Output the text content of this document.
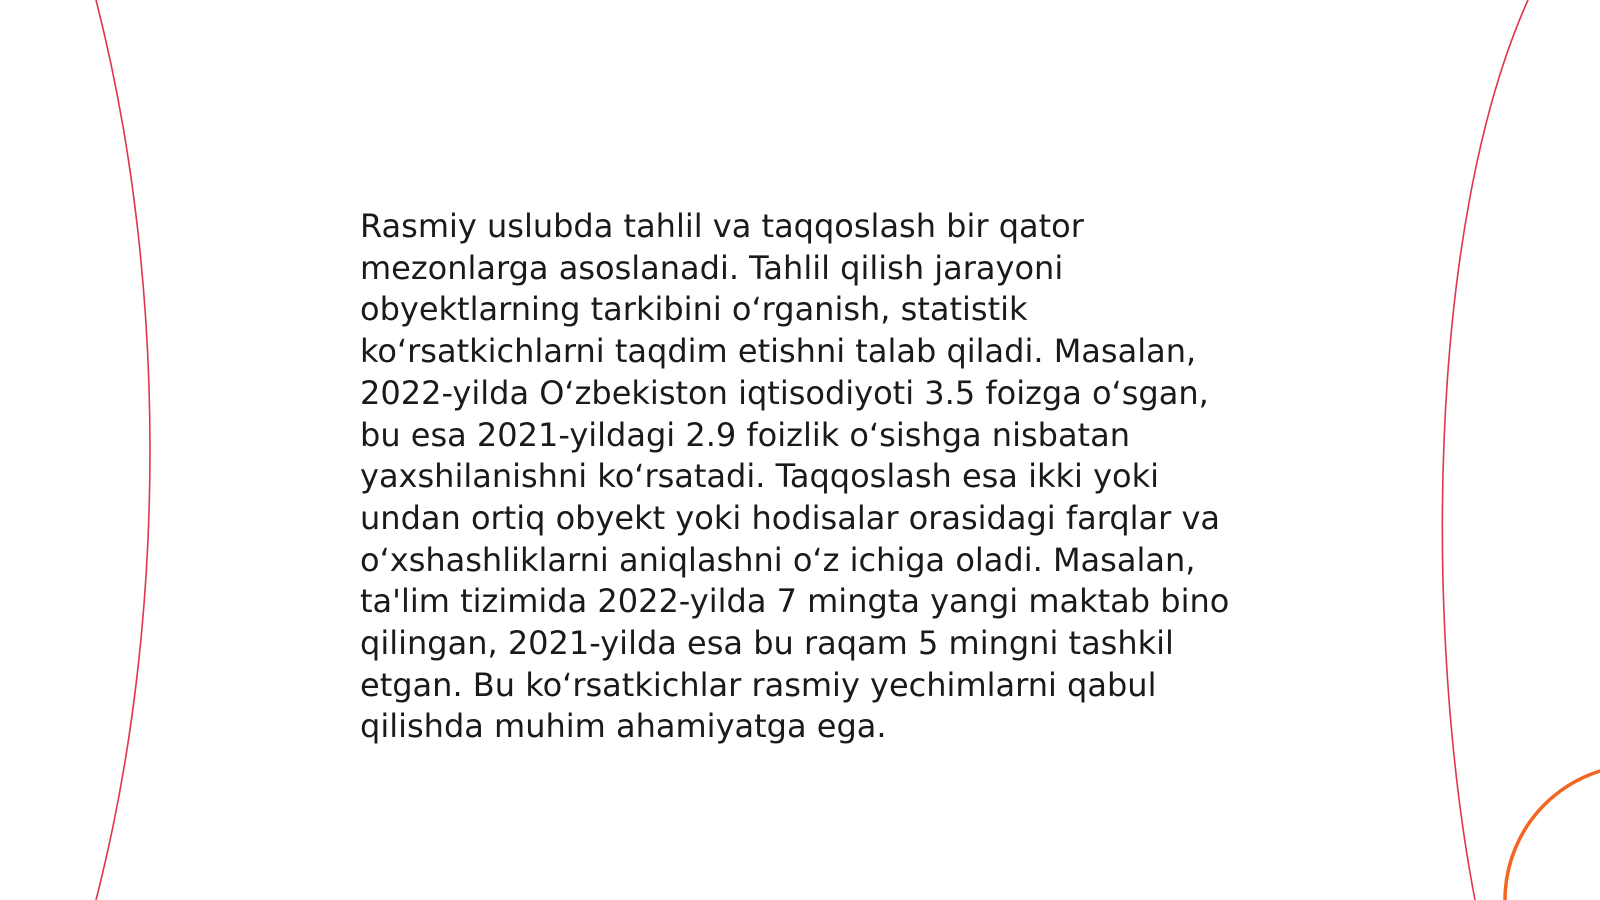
Rasmiy uslubda tahlil va taqqoslash bir qator
mezonlarga asoslanadi. Tahlil qilish jarayoni
obyektlarning tarkibini o‘rganish, statistik
ko‘rsatkichlarni taqdim etishni talab qiladi. Masalan,
2022-yilda O‘zbekiston iqtisodiyoti 3.5 foizga o‘sgan,
bu esa 2021-yildagi 2.9 foizlik o‘sishga nisbatan
yaxshilanishni ko‘rsatadi. Taqqoslash esa ikki yoki
undan ortiq obyekt yoki hodisalar orasidagi farqlar va
o‘xshashliklarni aniqlashni o‘z ichiga oladi. Masalan,
ta'lim tizimida 2022-yilda 7 mingta yangi maktab bino
qilingan, 2021-yilda esa bu raqam 5 mingni tashkil
etgan. Bu ko‘rsatkichlar rasmiy yechimlarni qabul
qilishda muhim ahamiyatga ega.
